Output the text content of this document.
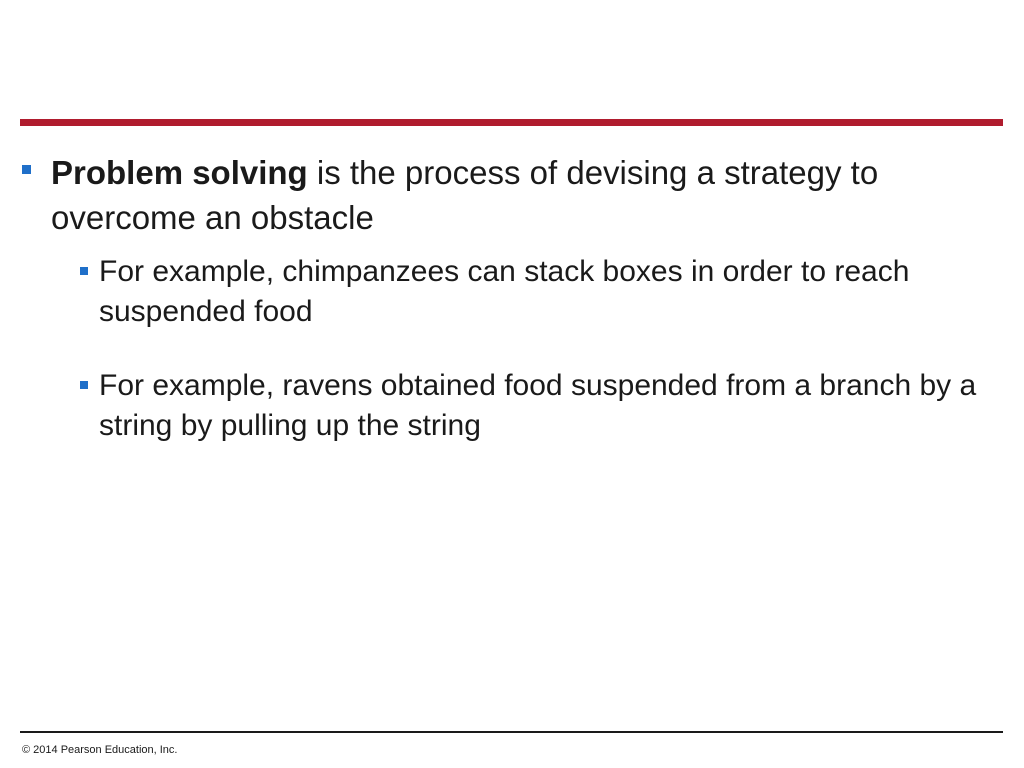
Problem solving is the process of devising a strategy to overcome an obstacle

For example, chimpanzees can stack boxes in order to reach suspended food

For example, ravens obtained food suspended from a branch by a string by pulling up the string

© 2014 Pearson Education, Inc.
